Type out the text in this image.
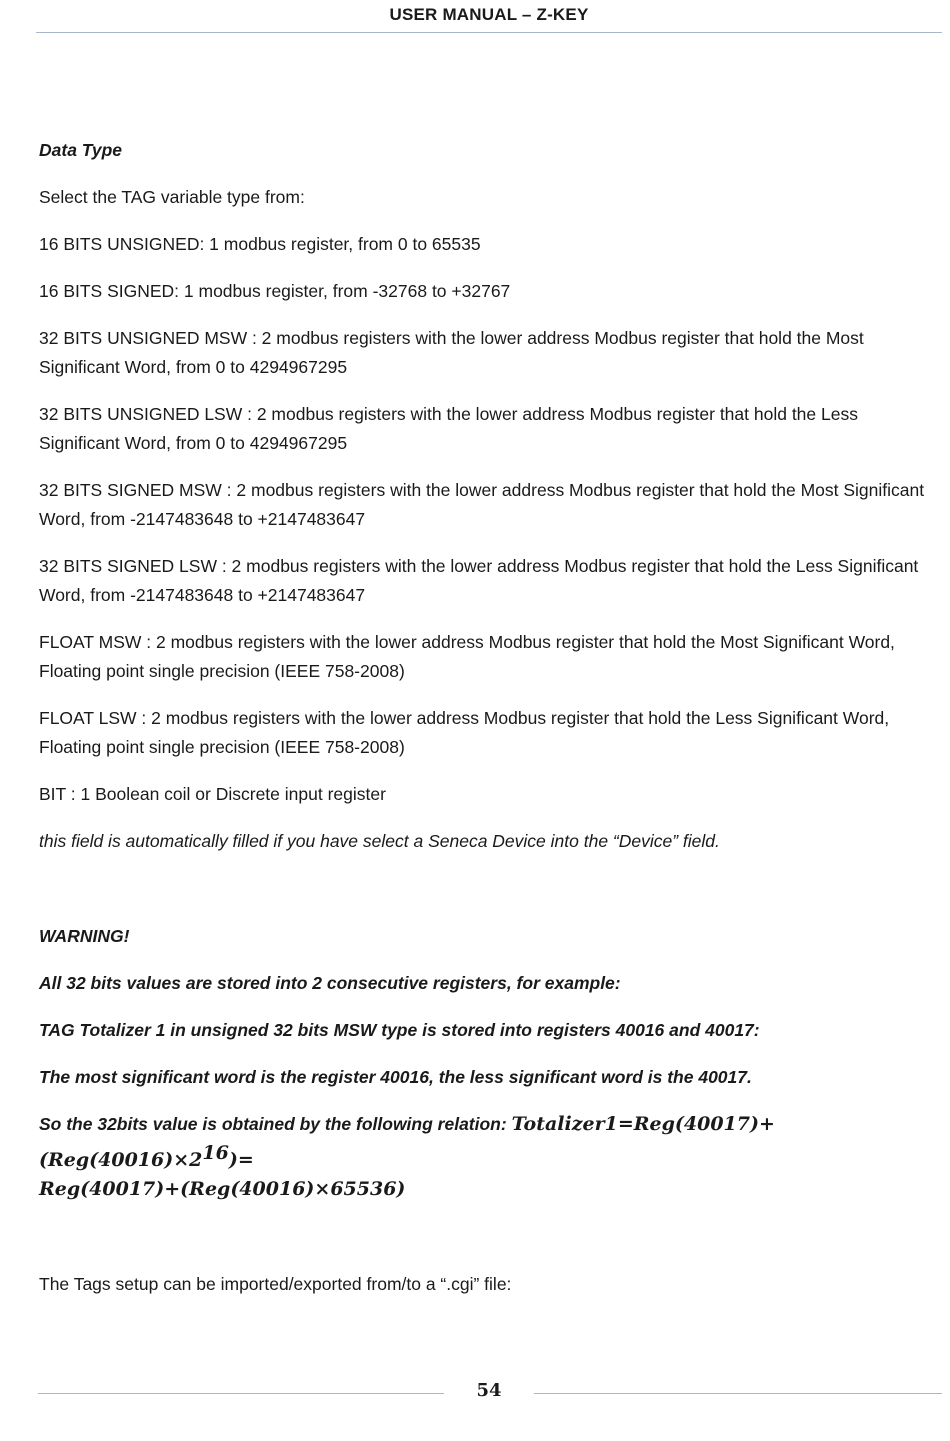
USER MANUAL – Z-KEY

Data Type

Select the TAG variable type from:

16 BITS UNSIGNED: 1 modbus register, from 0 to 65535

16 BITS SIGNED: 1 modbus register, from -32768 to +32767

32 BITS UNSIGNED MSW : 2 modbus registers with the lower address Modbus register that hold the Most Significant Word, from 0 to 4294967295

32 BITS UNSIGNED LSW : 2 modbus registers with the lower address Modbus register that hold the Less Significant Word, from 0 to 4294967295

32 BITS SIGNED MSW : 2 modbus registers with the lower address Modbus register that hold the Most Significant Word, from -2147483648 to +2147483647

32 BITS SIGNED LSW : 2 modbus registers with the lower address Modbus register that hold the Less Significant Word, from -2147483648 to +2147483647

FLOAT MSW : 2 modbus registers with the lower address Modbus register that hold the Most Significant Word, Floating point single precision (IEEE 758-2008)

FLOAT LSW : 2 modbus registers with the lower address Modbus register that hold the Less Significant Word, Floating point single precision (IEEE 758-2008)

BIT : 1 Boolean coil or Discrete input register

this field is automatically filled if you have select a Seneca Device into the “Device” field.

WARNING!

All 32 bits values are stored into 2 consecutive registers, for example:

TAG Totalizer 1 in unsigned 32 bits MSW type is stored into registers 40016 and 40017:

The most significant word is the register 40016, the less significant word is the 40017.

So the 32bits value is obtained by the following relation: $Totalizer1=Reg(40017)+(Reg(40016)\times 2^{16})=$
Reg(40017)+(Reg(40016)×65536)

The Tags setup can be imported/exported from/to a “.cgi” file:

54
